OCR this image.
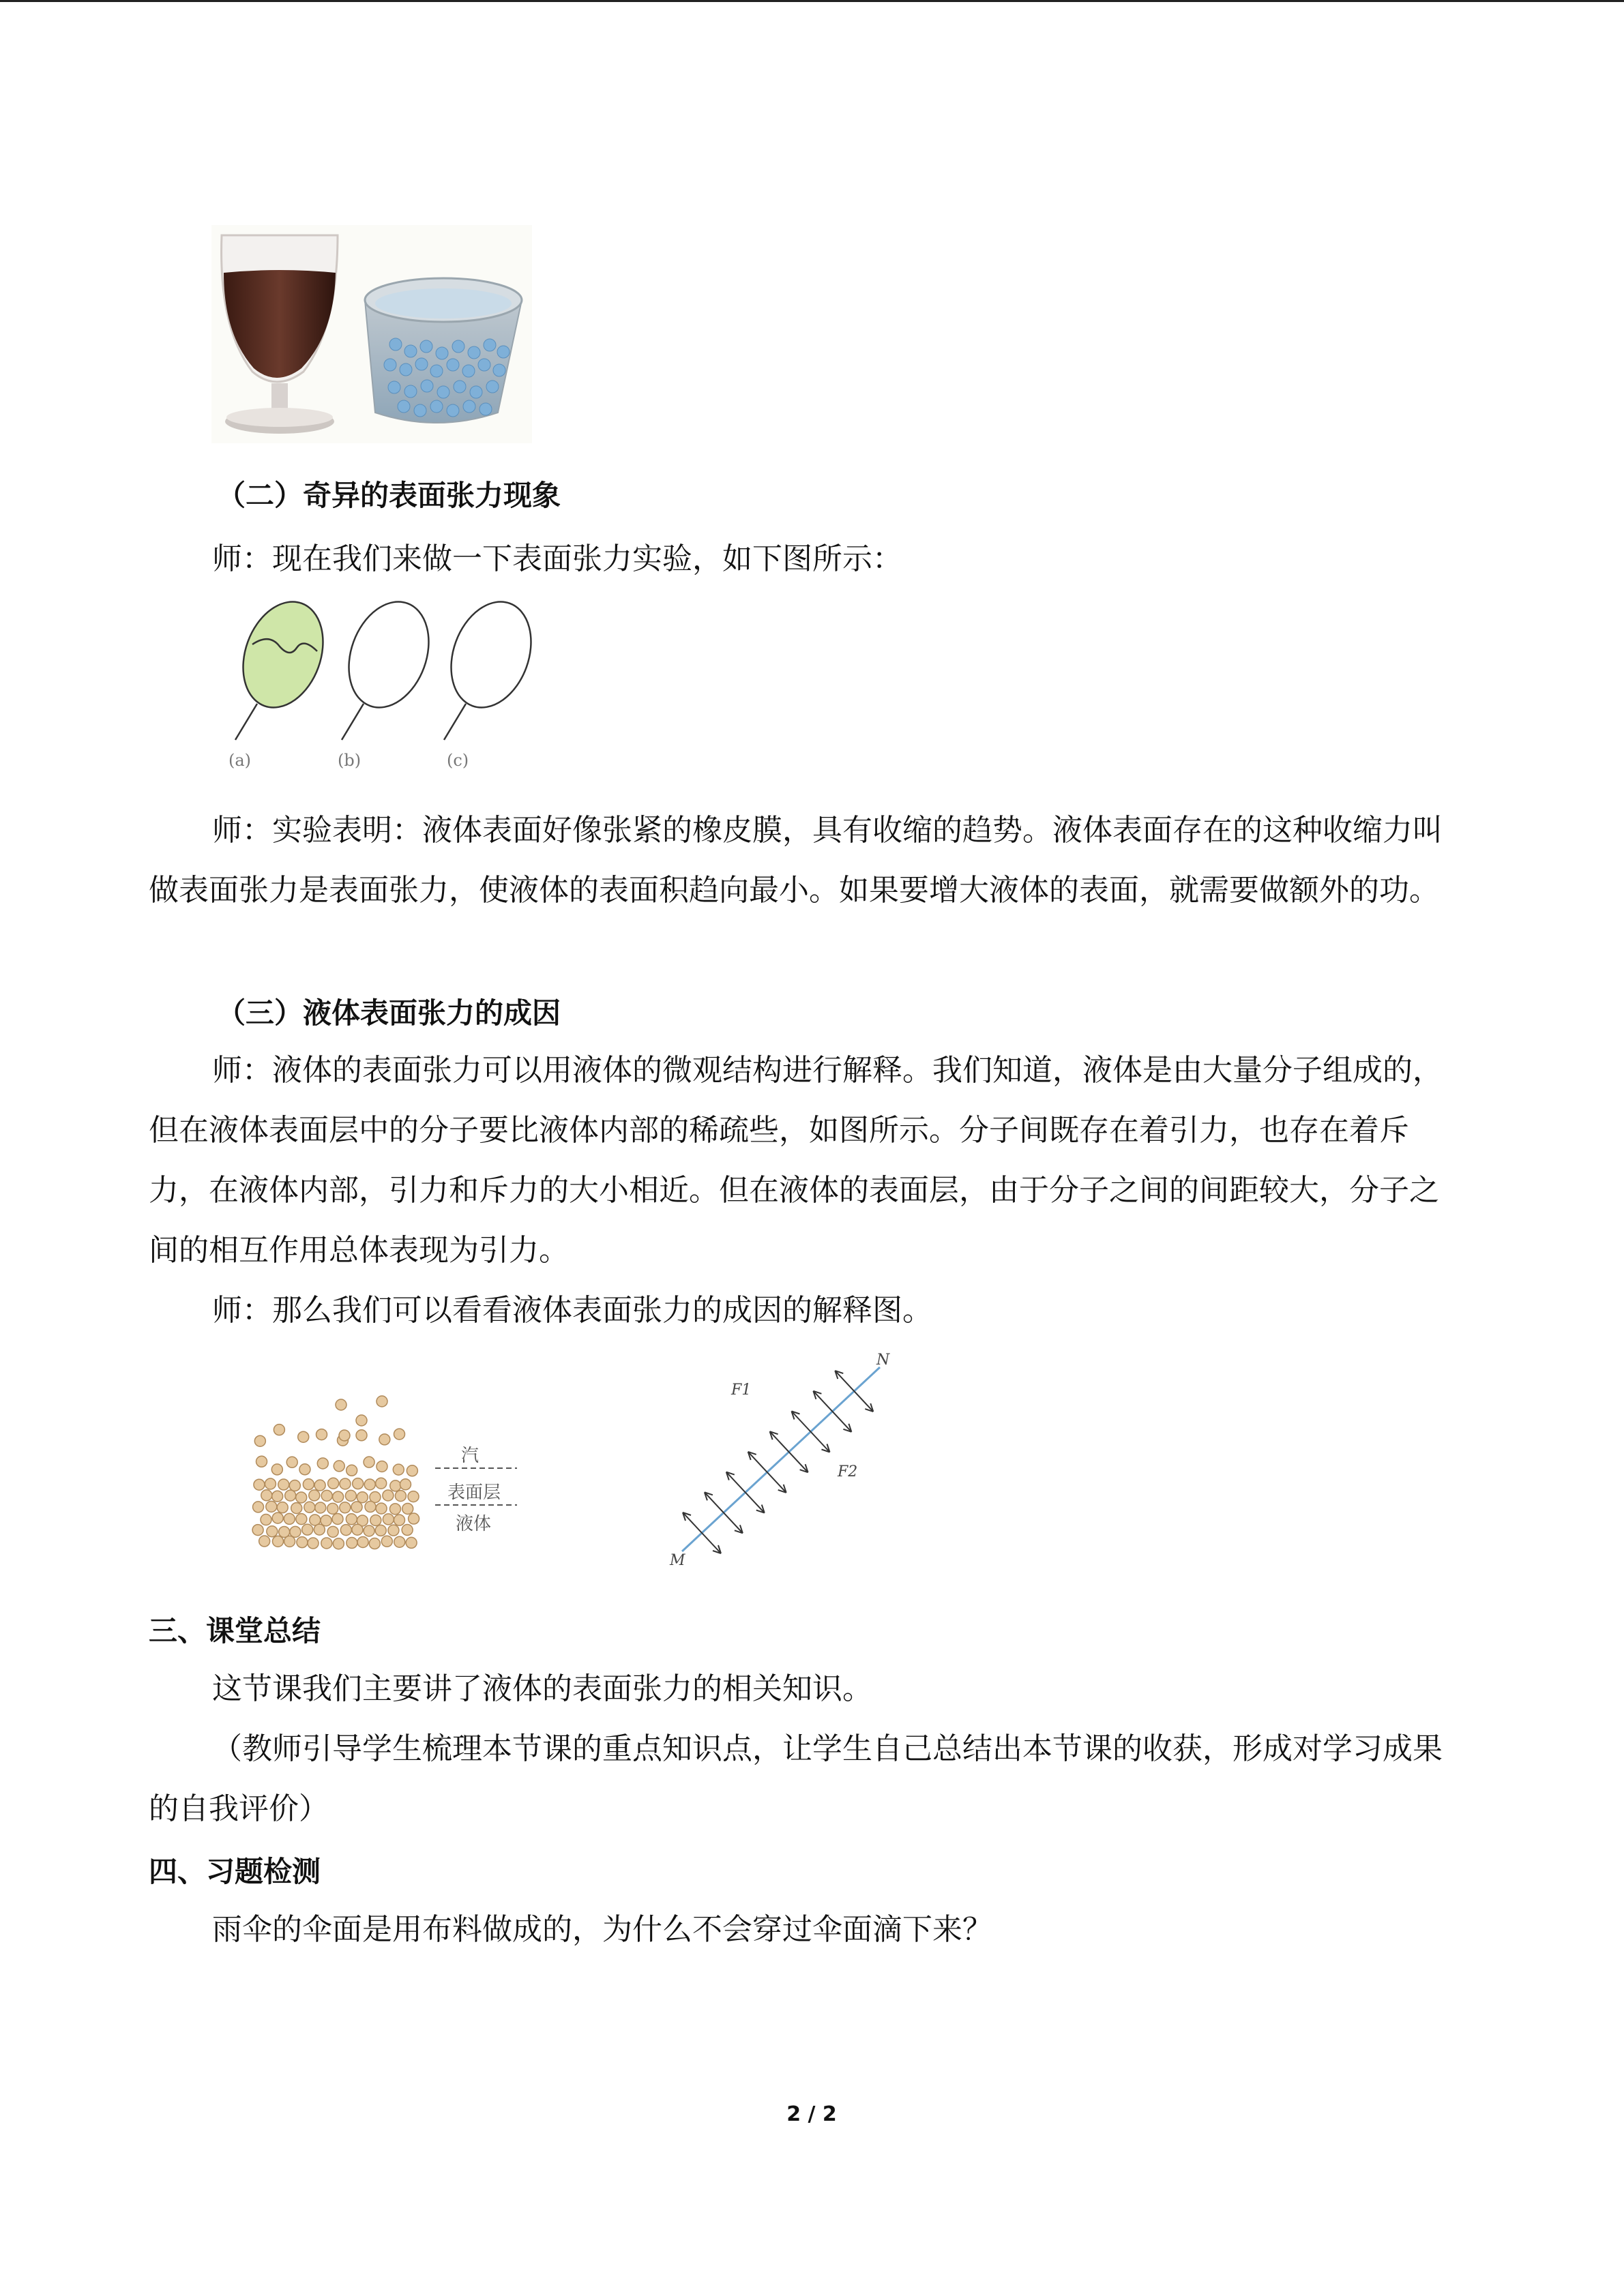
（二）奇异的表面张力现象

师：现在我们来做一下表面张力实验，如下图所示：

(a)	(b)	(c)

师：实验表明：液体表面好像张紧的橡皮膜，具有收缩的趋势。液体表面存在的这种收缩力叫做表面张力是表面张力，使液体的表面积趋向最小。如果要增大液体的表面，就需要做额外的功。

（三）液体表面张力的成因

师：液体的表面张力可以用液体的微观结构进行解释。我们知道，液体是由大量分子组成的，但在液体表面层中的分子要比液体内部的稀疏些，如图所示。分子间既存在着引力，也存在着斥力，在液体内部，引力和斥力的大小相近。但在液体的表面层，由于分子之间的间距较大，分子之间的相互作用总体表现为引力。

师：那么我们可以看看液体表面张力的成因的解释图。

汽
表面层
液体
N
M
F1
F2
三、课堂总结

这节课我们主要讲了液体的表面张力的相关知识。

（教师引导学生梳理本节课的重点知识点，让学生自己总结出本节课的收获，形成对学习成果的自我评价）

四、习题检测

雨伞的伞面是用布料做成的，为什么不会穿过伞面滴下来？

2 / 2
